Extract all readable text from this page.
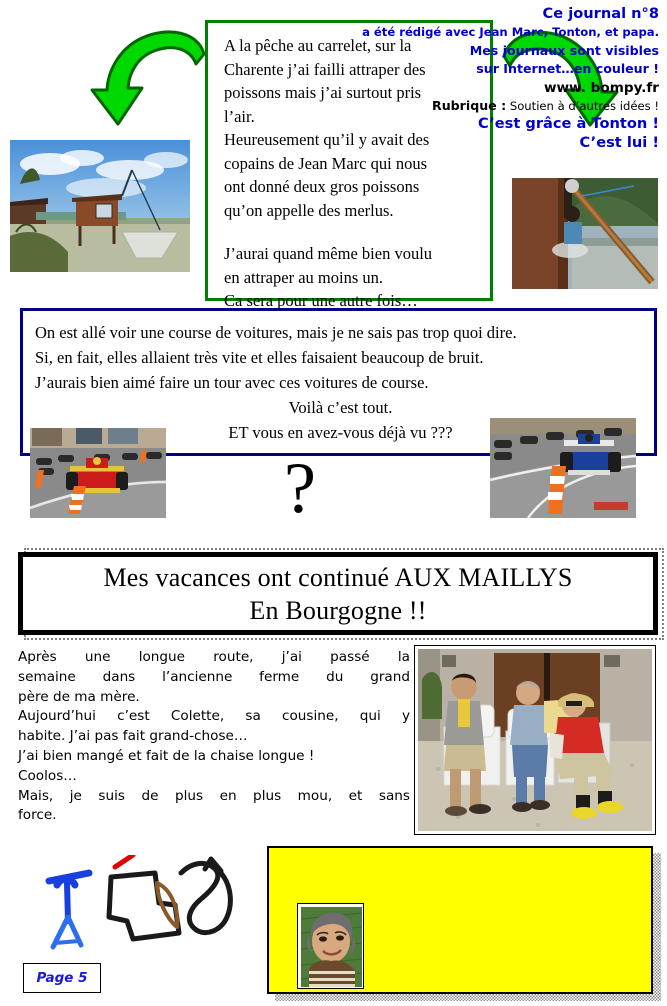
A la pêche au carrelet, sur la

Charente j’ai failli attraper des

poissons mais j’ai surtout pris

l’air.

Heureusement qu’il y avait des

copains de Jean Marc qui nous

ont donné deux gros poissons

qu’on appelle des merlus.

J’aurai quand même bien voulu

en attraper au moins un.

Ca sera pour une autre fois…

On est allé voir une course de voitures, mais je ne sais pas trop quoi dire.

Si, en fait, elles allaient très vite et elles faisaient beaucoup de bruit.

J’aurais bien aimé faire un tour avec ces voitures de course.

Voilà c’est tout.

ET vous en avez-vous déjà vu ???

?
Mes vacances ont continué AUX MAILLYS
En Bourgogne !!

Après une longue route, j’ai passé la

semaine dans l’ancienne ferme du grand

père de ma mère.

Aujourd’hui c’est Colette, sa cousine, qui y

habite. J’ai pas fait grand-chose…

J’ai bien mangé et fait de la chaise longue !

Coolos…

Mais, je suis de plus en plus mou, et sans

force.

Ce journal n°8

a été rédigé avec Jean Marc, Tonton, et papa.

Mes journaux sont visibles

sur Internet…en couleur !

www. bompy.fr

Rubrique : Soutien à d’autres idées !

C’est grâce à Tonton !

C’est lui !

Page 5
